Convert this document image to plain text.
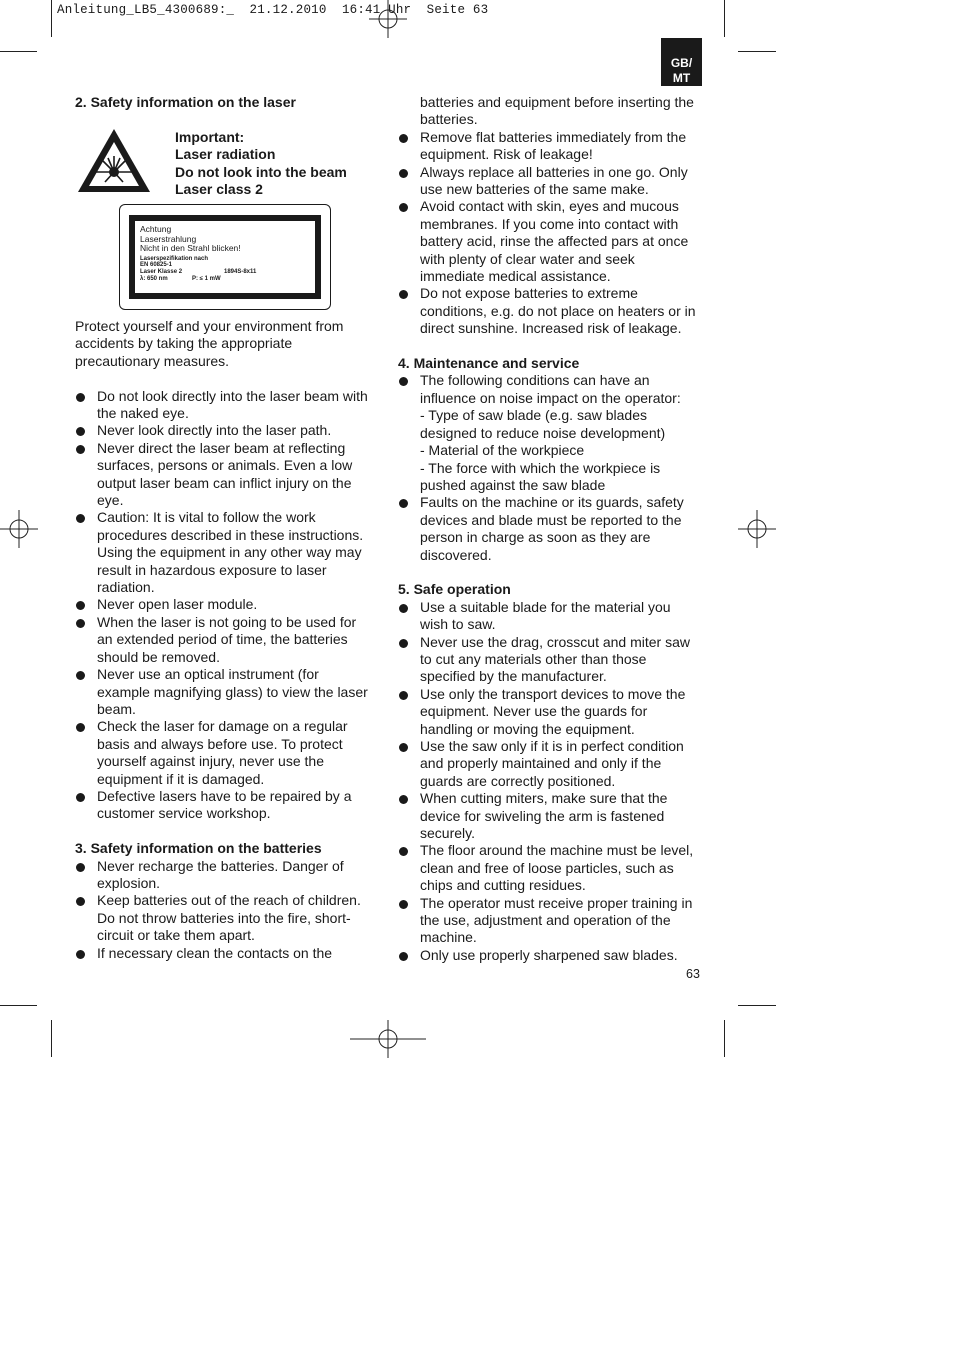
Anleitung_LB5_4300689:_  21.12.2010  16:41 Uhr  Seite 63
GB/
MT
Important:
Laser radiation
Do not look into the beam
Laser class 2
Achtung
Laserstrahlung
Nicht in den Strahl blicken!
Laserspezifikation nach
EN 60825-1
Laser Klasse 2	1894S-8x11
λ: 650 nm	P: ≤ 1 mW
2. Safety information on the laser

Protect yourself and your environment from

accidents by taking the appropriate

precautionary measures.

Do not look directly into the laser beam with
the naked eye.
Never look directly into the laser path.
Never direct the laser beam at reflecting
surfaces, persons or animals. Even a low
output laser beam can inflict injury on the
eye.
Caution: It is vital to follow the work
procedures described in these instructions.
Using the equipment in any other way may
result in hazardous exposure to laser
radiation.
Never open laser module.
When the laser is not going to be used for
an extended period of time, the batteries
should be removed.
Never use an optical instrument (for
example magnifying glass) to view the laser
beam.
Check the laser for damage on a regular
basis and always before use. To protect
yourself against injury, never use the
equipment if it is damaged.
Defective lasers have to be repaired by a
customer service workshop.

3. Safety information on the batteries

Never recharge the batteries. Danger of
explosion.
Keep batteries out of the reach of children.
Do not throw batteries into the fire, short-
circuit or take them apart.
If necessary clean the contacts on the
batteries and equipment before inserting the
batteries.
Remove flat batteries immediately from the
equipment. Risk of leakage!
Always replace all batteries in one go. Only
use new batteries of the same make.
Avoid contact with skin, eyes and mucous
membranes. If you come into contact with
battery acid, rinse the affected pars at once
with plenty of clear water and seek
immediate medical assistance.
Do not expose batteries to extreme
conditions, e.g. do not place on heaters or in
direct sunshine. Increased risk of leakage.

4. Maintenance and service

The following conditions can have an
influence on noise impact on the operator:
- Type of saw blade (e.g. saw blades
designed to reduce noise development)
- Material of the workpiece
- The force with which the workpiece is
pushed against the saw blade
Faults on the machine or its guards, safety
devices and blade must be reported to the
person in charge as soon as they are
discovered.

5. Safe operation

Use a suitable blade for the material you
wish to saw.
Never use the drag, crosscut and miter saw
to cut any materials other than those
specified by the manufacturer.
Use only the transport devices to move the
equipment. Never use the guards for
handling or moving the equipment.
Use the saw only if it is in perfect condition
and properly maintained and only if the
guards are correctly positioned.
When cutting miters, make sure that the
device for swiveling the arm is fastened
securely.
The floor around the machine must be level,
clean and free of loose particles, such as
chips and cutting residues.
The operator must receive proper training in
the use, adjustment and operation of the
machine.
Only use properly sharpened saw blades.
63
